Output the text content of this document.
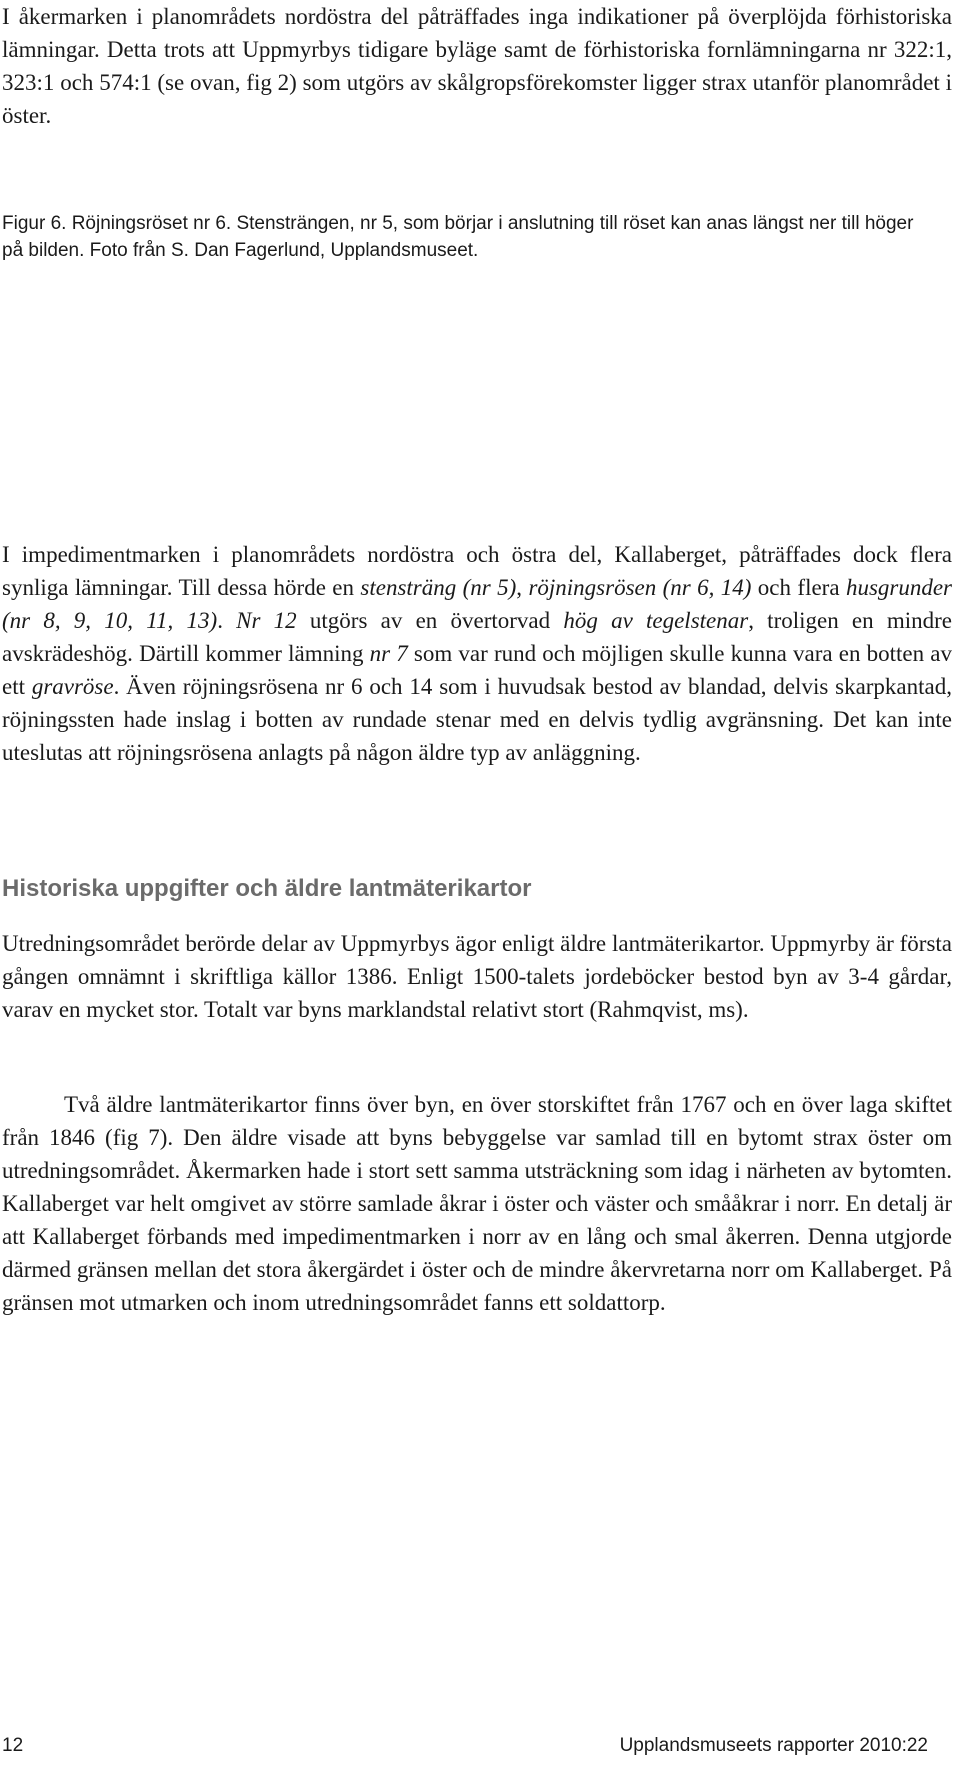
I åkermarken i planområdets nordöstra del påträffades inga indikationer på överplöjda förhistoriska lämningar. Detta trots att Uppmyrbys tidigare byläge samt de förhistoriska fornlämningarna nr 322:1, 323:1 och 574:1 (se ovan, fig 2) som utgörs av skålgropsförekomster ligger strax utanför planområdet i öster.

Figur 6. Röjningsröset nr 6. Stensträngen, nr 5, som börjar i anslutning till röset kan anas längst ner till höger på bilden. Foto från S. Dan Fagerlund, Upplandsmuseet.

I impedimentmarken i planområdets nordöstra och östra del, Kallaberget, påträffades dock flera synliga lämningar. Till dessa hörde en stensträng (nr 5), röjningsrösen (nr 6, 14) och flera husgrunder (nr 8, 9, 10, 11, 13). Nr 12 utgörs av en övertorvad hög av tegelstenar, troligen en mindre avskrädeshög. Därtill kommer lämning nr 7 som var rund och möjligen skulle kunna vara en botten av ett gravröse. Även röjningsrösena nr 6 och 14 som i huvudsak bestod av blandad, delvis skarpkantad, röjningssten hade inslag i botten av rundade stenar med en delvis tydlig avgränsning. Det kan inte uteslutas att röjningsrösena anlagts på någon äldre typ av anläggning.

Historiska uppgifter och äldre lantmäterikartor

Utredningsområdet berörde delar av Uppmyrbys ägor enligt äldre lantmäterikartor. Uppmyrby är första gången omnämnt i skriftliga källor 1386. Enligt 1500-talets jordeböcker bestod byn av 3-4 gårdar, varav en mycket stor. Totalt var byns marklandstal relativt stort (Rahmqvist, ms).

Två äldre lantmäterikartor finns över byn, en över storskiftet från 1767 och en över laga skiftet från 1846 (fig 7). Den äldre visade att byns bebyggelse var samlad till en bytomt strax öster om utredningsområdet. Åkermarken hade i stort sett samma utsträckning som idag i närheten av bytomten. Kallaberget var helt omgivet av större samlade åkrar i öster och väster och smååkrar i norr. En detalj är att Kallaberget förbands med impedimentmarken i norr av en lång och smal åkerren. Denna utgjorde därmed gränsen mellan det stora åkergärdet i öster och de mindre åkervretarna norr om Kallaberget. På gränsen mot utmarken och inom utredningsområdet fanns ett soldattorp.

12	Upplandsmuseets rapporter 2010:22
